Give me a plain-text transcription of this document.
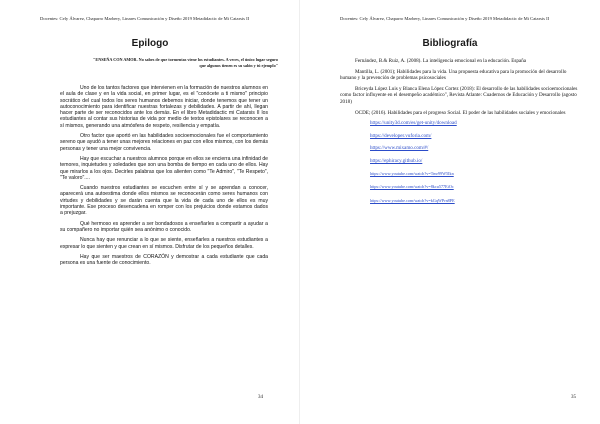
Docentes: Cely Álvarez, Chaparro Marbery, Linares Comunicación y Diseño 2019 Metadidactic de Mi Catarsis II
Epilogo
"ENSEÑA CON AMOR. No sabes de que tormentas viene los estudiantes. A veces, el único lugar seguro que algunos tienen es su salón y tú ejemplo"

Uno de los tantos factores que intervienen en la formación de nuestros alumnos en el aula de clase y en la vida social, en primer lugar, es el "conócete a ti mismo" principio socrático del cual todos los seres humanos debemos iniciar, donde tenemos que tener un autoconocimiento para identificar nuestras fortalezas y debilidades. A partir de ahí, llegan hacer parte de ser reconocidos ante los demás. En el libro Metadidactic mi Catarsis II los estudiantes al contar sus historias de vida por medio de textos epistolares se reconocen a sí mismos, generando una atmósfera de respeto, resiliencia y empatía.

Otro factor que aportó en las habilidades socioemocionales fue el comportamiento sereno que ayudó a tener unas mejores relaciones en paz con ellos mismos, con los demás personas y tener una mejor convivencia.

Hay que escuchar a nuestros alumnos porque en ellos se encierra una infinidad de temores, inquietudes y soledades que son una bomba de tiempo en cada uno de ellos. Hay que mirarlos a los ojos. Decirles palabras que los alienten como "Te Admiro", "Te Respeto", "Te valoro"....

Cuando nuestros estudiantes se escuchen entre sí y se aprendan a conocer, aparecerá una autoestima donde ellos mismos se reconocerán como seres humanos con virtudes y debilidades y se darán cuenta que la vida de cada uno de ellos es muy importante. Ese proceso desencadena en romper con los prejuicios donde estamos dados a prejuzgar.

Qué hermoso es aprender a ser bondadosos a enseñarles a compartir a ayudar a su compañero no importar quién sea anónimo o conocido.

Nunca hay que renunciar a lo que se siente, enseñarles a nuestros estudiantes a expresar lo que sienten y que crean en sí mismos. Disfrutar de los pequeños detalles.

Hay que ser maestros de CORAZÓN y demostrar a cada estudiante que cada persona es una fuente de conocimiento.

34
Docentes: Cely Álvarez, Chaparro Marbery, Linares Comunicación y Diseño 2019 Metadidactic de Mi Catarsis II
Bibliografía
Fernández, B.& Ruiz, A. (2008). La inteligencia emocional en la educación. España
Mantilla, L. (2001); Habilidades para la vida. Una propuesta educativa para la promoción del desarrollo humano y la prevención de problemas psicosociales
Briceyda López Luis y Blanca Elena López Cortez (2018): El desarrollo de las habilidades socioemocionales como factor influyente en el desempeño académico", Revista Atlante: Cuadernos de Educación y Desarrollo (agosto 2018)
OCDE; (2016). Habilidades para el progreso Social. El poder de las habilidades sociales y emocionales
https://unity3d.com/es/get-unity/download
https://developer.vuforia.com/
https://www.mixamo.com/#/
https://ephiracy.github.io/
https://www.youtube.com/watch?v=Tmr99W5Ikn
https://www.youtube.com/watch?v=8kcu577EiOc
https://www.youtube.com/watch?v=kGqWPrn8PE
35
